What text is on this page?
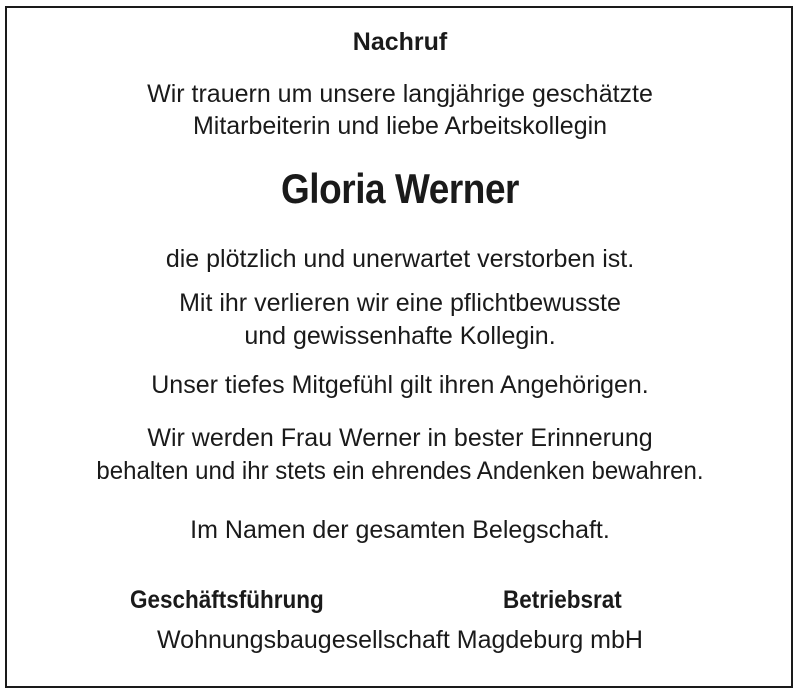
Nachruf
Wir trauern um unsere langjährige geschätzte
Mitarbeiterin und liebe Arbeitskollegin
Gloria Werner
die plötzlich und unerwartet verstorben ist.
Mit ihr verlieren wir eine pflichtbewusste
und gewissenhafte Kollegin.
Unser tiefes Mitgefühl gilt ihren Angehörigen.
Wir werden Frau Werner in bester Erinnerung
behalten und ihr stets ein ehrendes Andenken bewahren.
Im Namen der gesamten Belegschaft.
Geschäftsführung	Betriebsrat
Wohnungsbaugesellschaft Magdeburg mbH
